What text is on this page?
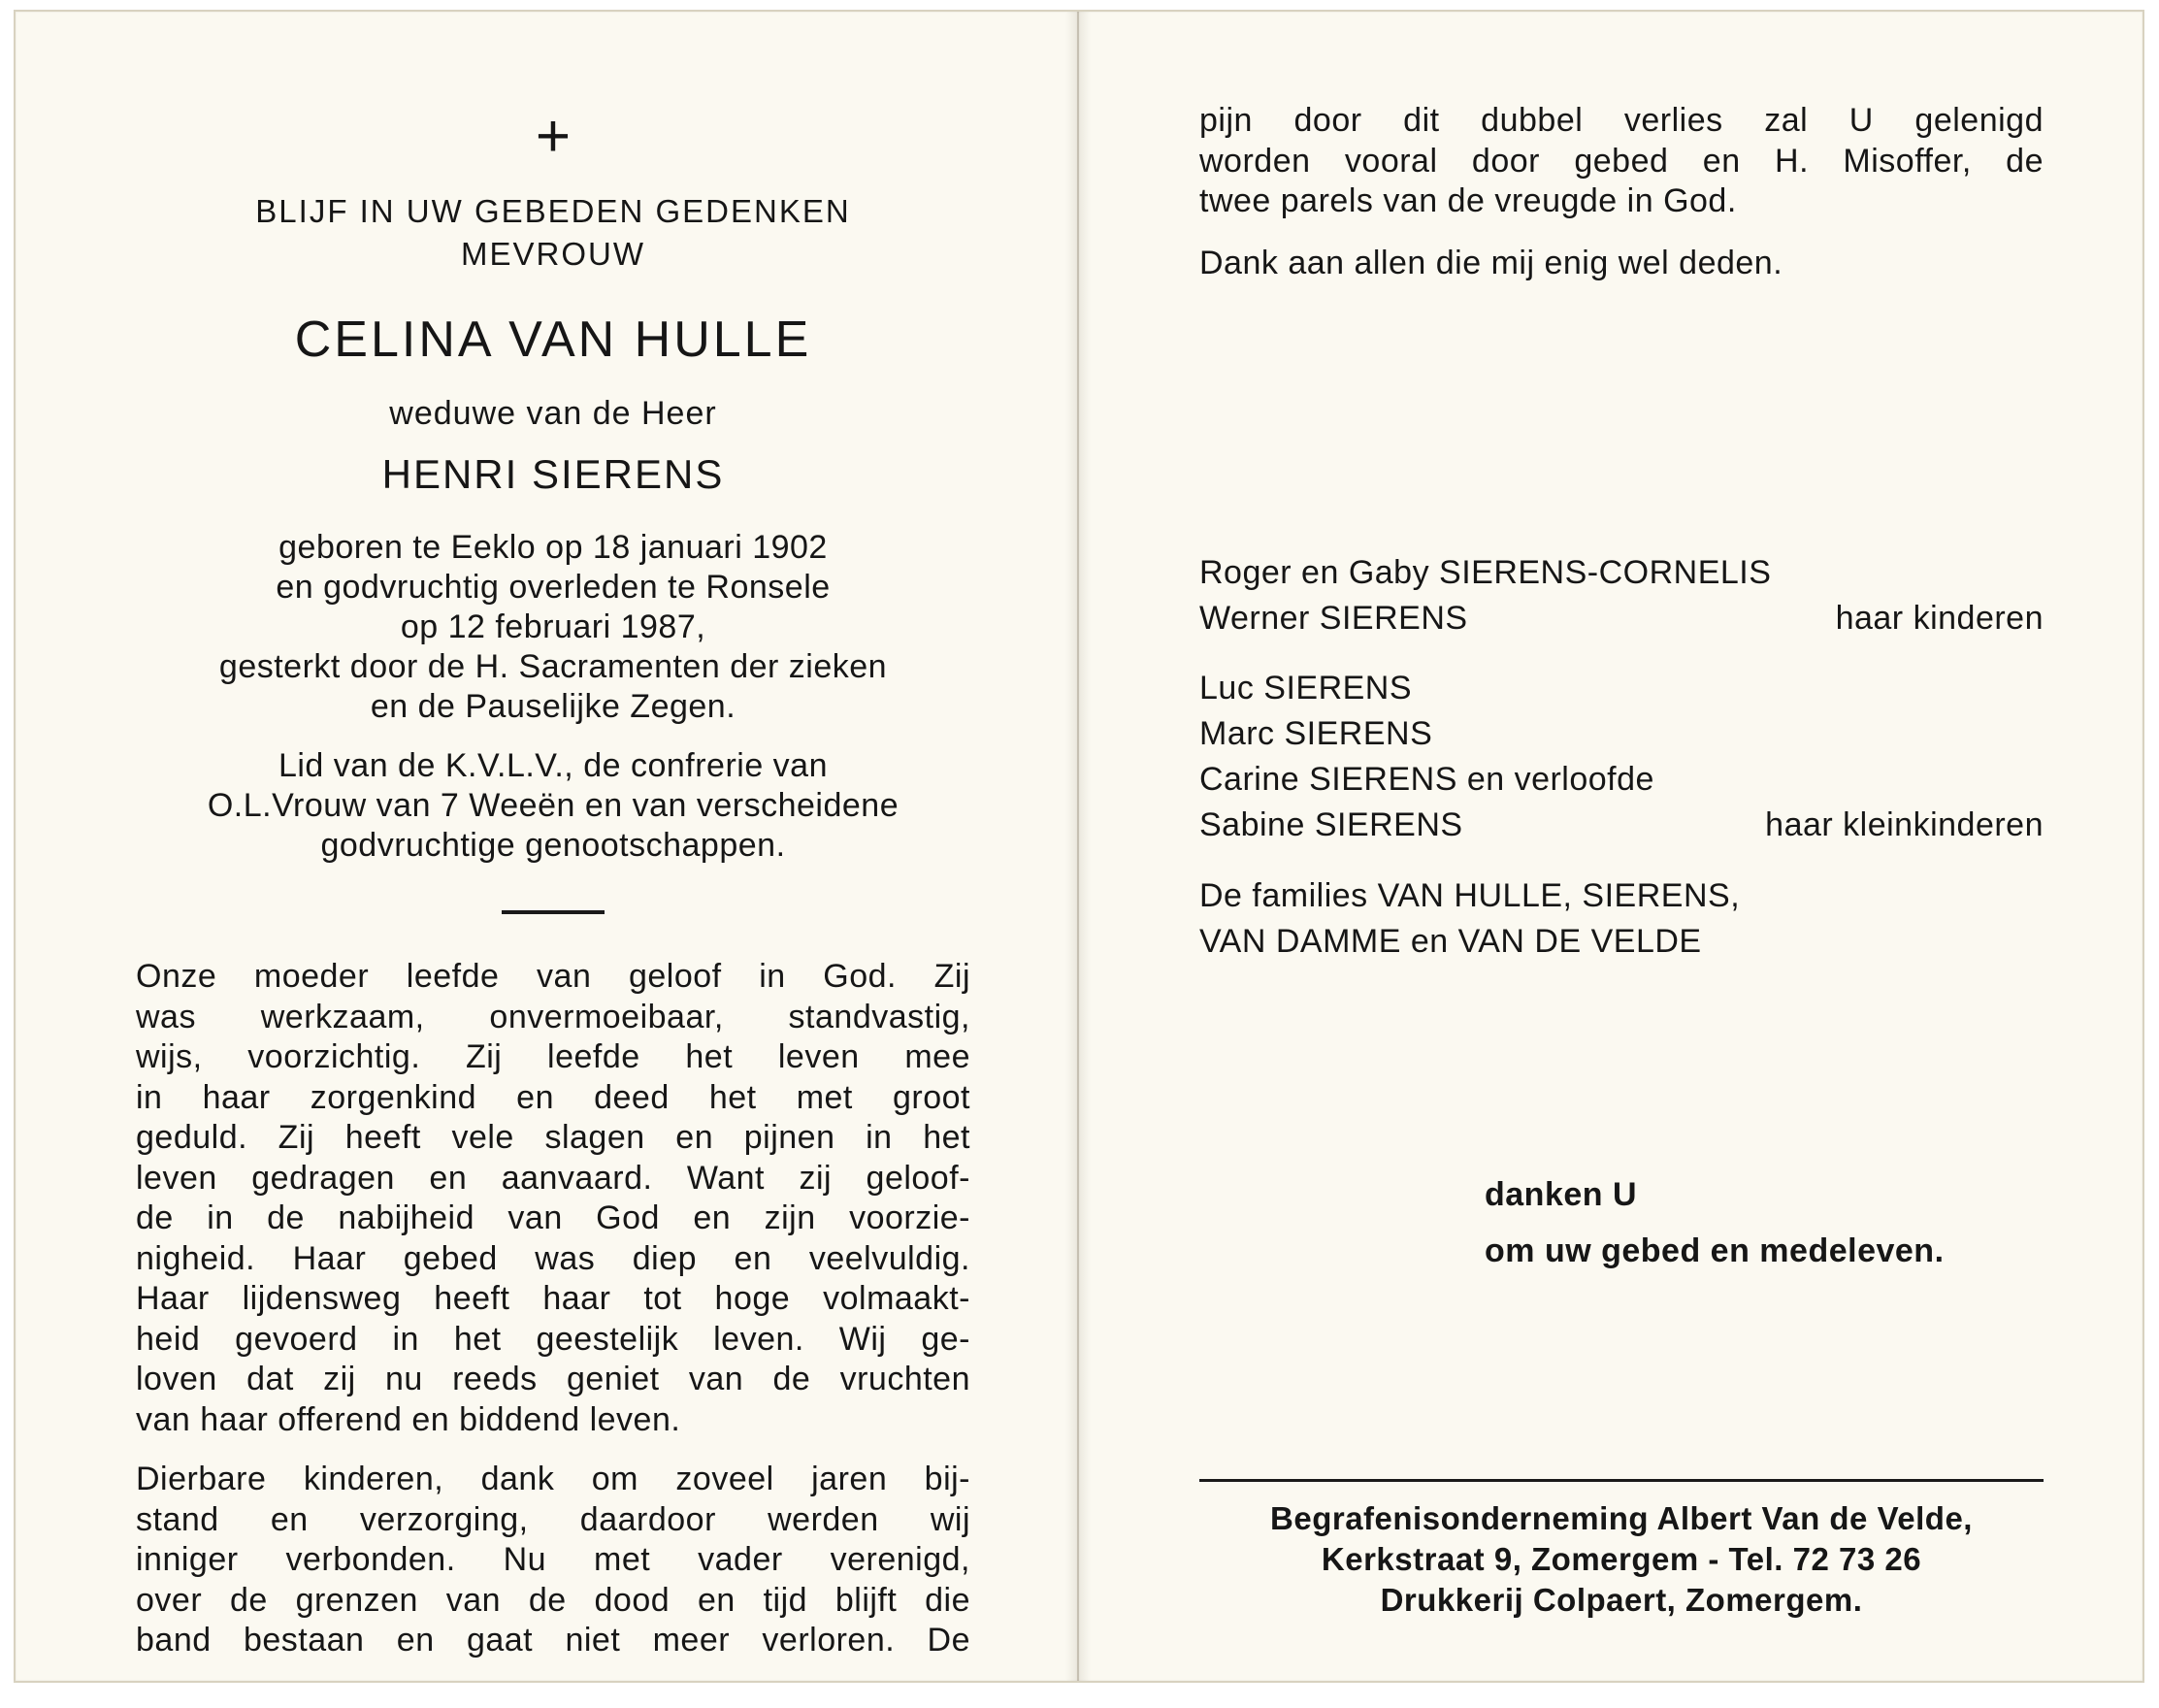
+
BLIJF IN UW GEBEDEN GEDENKEN
MEVROUW
CELINA VAN HULLE
weduwe van de Heer
HENRI SIERENS
geboren te Eeklo op 18 januari 1902
en godvruchtig overleden te Ronsele
op 12 februari 1987,
gesterkt door de H. Sacramenten der zieken
en de Pauselijke Zegen.
Lid van de K.V.L.V., de confrerie van
O.L.Vrouw van 7 Weeën en van verscheidene
godvruchtige genootschappen.
Onze moeder leefde van geloof in God. Zij
was werkzaam, onvermoeibaar, standvastig,
wijs, voorzichtig. Zij leefde het leven mee
in haar zorgenkind en deed het met groot
geduld. Zij heeft vele slagen en pijnen in het
leven gedragen en aanvaard. Want zij geloof-
de in de nabijheid van God en zijn voorzie-
nigheid. Haar gebed was diep en veelvuldig.
Haar lijdensweg heeft haar tot hoge volmaakt-
heid gevoerd in het geestelijk leven. Wij ge-
loven dat zij nu reeds geniet van de vruchten
van haar offerend en biddend leven.
Dierbare kinderen, dank om zoveel jaren bij-
stand en verzorging, daardoor werden wij
inniger verbonden. Nu met vader verenigd,
over de grenzen van de dood en tijd blijft die
band bestaan en gaat niet meer verloren. De
pijn door dit dubbel verlies zal U gelenigd
worden vooral door gebed en H. Misoffer, de
twee parels van de vreugde in God.
Dank aan allen die mij enig wel deden.
Roger en Gaby SIERENS-CORNELIS
Werner SIERENS	haar kinderen
Luc SIERENS
Marc SIERENS
Carine SIERENS en verloofde
Sabine SIERENS	haar kleinkinderen
De families VAN HULLE, SIERENS,
VAN DAMME en VAN DE VELDE
danken U
om uw gebed en medeleven.
Begrafenisonderneming Albert Van de Velde,
Kerkstraat 9, Zomergem - Tel. 72 73 26
Drukkerij Colpaert, Zomergem.
